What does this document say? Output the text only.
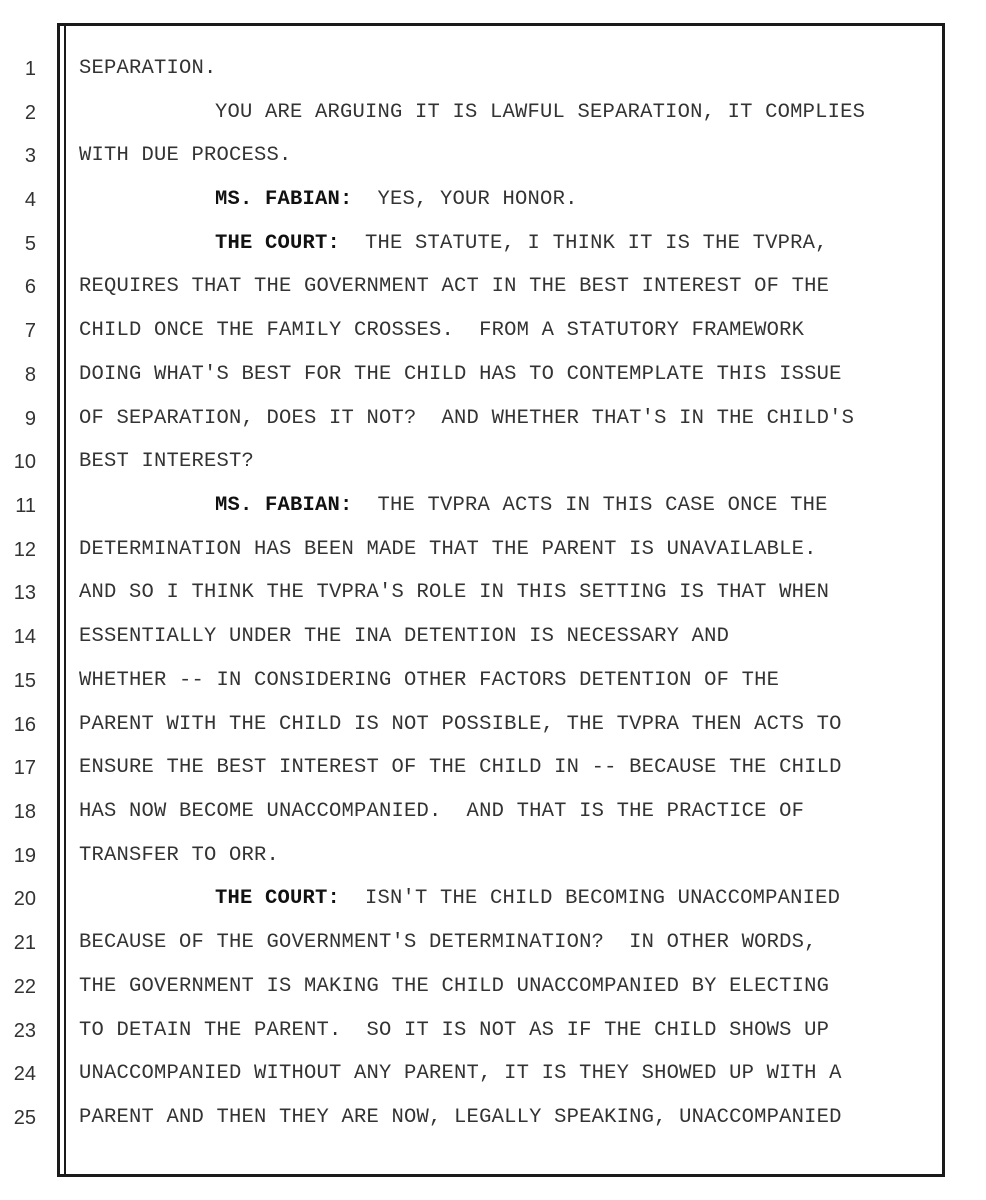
1
2
3
4
5
6
7
8
9
10
11
12
13
14
15
16
17
18
19
20
21
22
23
24
25
SEPARATION.
YOU ARE ARGUING IT IS LAWFUL SEPARATION, IT COMPLIES
WITH DUE PROCESS.
MS. FABIAN:  YES, YOUR HONOR.
THE COURT:  THE STATUTE, I THINK IT IS THE TVPRA,
REQUIRES THAT THE GOVERNMENT ACT IN THE BEST INTEREST OF THE
CHILD ONCE THE FAMILY CROSSES.  FROM A STATUTORY FRAMEWORK
DOING WHAT'S BEST FOR THE CHILD HAS TO CONTEMPLATE THIS ISSUE
OF SEPARATION, DOES IT NOT?  AND WHETHER THAT'S IN THE CHILD'S
BEST INTEREST?
MS. FABIAN:  THE TVPRA ACTS IN THIS CASE ONCE THE
DETERMINATION HAS BEEN MADE THAT THE PARENT IS UNAVAILABLE.
AND SO I THINK THE TVPRA'S ROLE IN THIS SETTING IS THAT WHEN
ESSENTIALLY UNDER THE INA DETENTION IS NECESSARY AND
WHETHER -- IN CONSIDERING OTHER FACTORS DETENTION OF THE
PARENT WITH THE CHILD IS NOT POSSIBLE, THE TVPRA THEN ACTS TO
ENSURE THE BEST INTEREST OF THE CHILD IN -- BECAUSE THE CHILD
HAS NOW BECOME UNACCOMPANIED.  AND THAT IS THE PRACTICE OF
TRANSFER TO ORR.
THE COURT:  ISN'T THE CHILD BECOMING UNACCOMPANIED
BECAUSE OF THE GOVERNMENT'S DETERMINATION?  IN OTHER WORDS,
THE GOVERNMENT IS MAKING THE CHILD UNACCOMPANIED BY ELECTING
TO DETAIN THE PARENT.  SO IT IS NOT AS IF THE CHILD SHOWS UP
UNACCOMPANIED WITHOUT ANY PARENT, IT IS THEY SHOWED UP WITH A
PARENT AND THEN THEY ARE NOW, LEGALLY SPEAKING, UNACCOMPANIED
